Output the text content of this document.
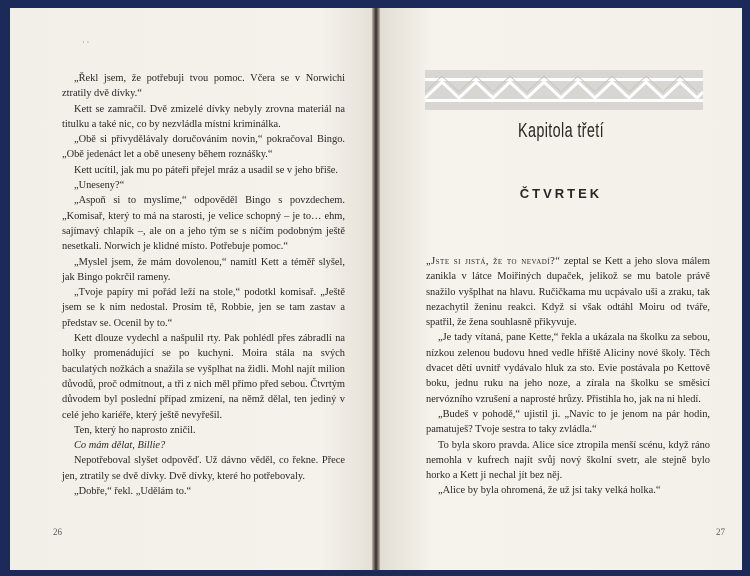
· ·

„Řekl jsem, že potřebuji tvou pomoc. Včera se v Norwichi ztratily dvě dívky.“

Kett se zamračil. Dvě zmizelé dívky nebyly zrovna materiál na titulku a také nic, co by nezvládla místní kriminálka.

„Obě si přivydělávaly doručováním novin,“ pokračoval Bingo. „Obě jedenáct let a obě uneseny během roznášky.“

Kett ucítil, jak mu po páteři přejel mráz a usadil se v jeho břiše.

„Uneseny?“

„Aspoň si to myslíme,“ odpověděl Bingo s povzdechem. „Komisař, který to má na starosti, je velice schopný – je to… ehm, sajímavý chlapík –, ale on a jeho tým se s ničím podobným ještě nesetkali. Norwich je klidné místo. Potřebuje pomoc.“

„Myslel jsem, že mám dovolenou,“ namítl Kett a téměř slyšel, jak Bingo pokrčil rameny.

„Tvoje papíry mi pořád leží na stole,“ podotkl komisař. „Ještě jsem se k nim nedostal. Prosím tě, Robbie, jen se tam zastav a představ se. Ocenil by to.“

Kett dlouze vydechl a našpulil rty. Pak pohlédl přes zábradlí na holky promenádující se po kuchyni. Moira stála na svých baculatých nožkách a snažila se vyšplhat na židli. Mohl najít milion důvodů, proč odmítnout, a tři z nich měl přímo před sebou. Čtvrtým důvodem byl poslední případ zmizení, na němž dělal, ten jediný v celé jeho kariéře, který ještě nevyřešil.

Ten, který ho naprosto zničil.

Co mám dělat, Billie?

Nepotřeboval slyšet odpověď. Už dávno věděl, co řekne. Přece jen, ztratily se dvě dívky. Dvě dívky, které ho potřebovaly.

„Dobře,“ řekl. „Udělám to.“

26
Kapitola třetí
ČTVRTEK

„Jste si jistá, že to nevadí?“ zeptal se Kett a jeho slova málem zanikla v látce Moiřiných dupaček, jelikož se mu batole právě snažilo vyšplhat na hlavu. Ručičkama mu ucpávalo uši a zraku, tak nezachytil ženinu reakci. Když si však odtáhl Moiru od tváře, spatřil, že žena souhlasně přikyvuje.

„Je tady vítaná, pane Kette,“ řekla a ukázala na školku za sebou, nízkou zelenou budovu hned vedle hřiště Aliciny nové školy. Těch dvacet dětí uvnitř vydávalo hluk za sto. Evie postávala po Kettově boku, jednu ruku na jeho noze, a zírala na školku se směsicí nervózního vzrušení a naprosté hrůzy. Přistihla ho, jak na ni hledí.

„Budeš v pohodě,“ ujistil ji. „Navíc to je jenom na pár hodin, pamatuješ? Tvoje sestra to taky zvládla.“

To byla skoro pravda. Alice sice ztropila menší scénu, když ráno nemohla v kufrech najít svůj nový školní svetr, ale stejně bylo horko a Kett ji nechal jít bez něj.

„Alice by byla ohromená, že už jsi taky velká holka.“

27
